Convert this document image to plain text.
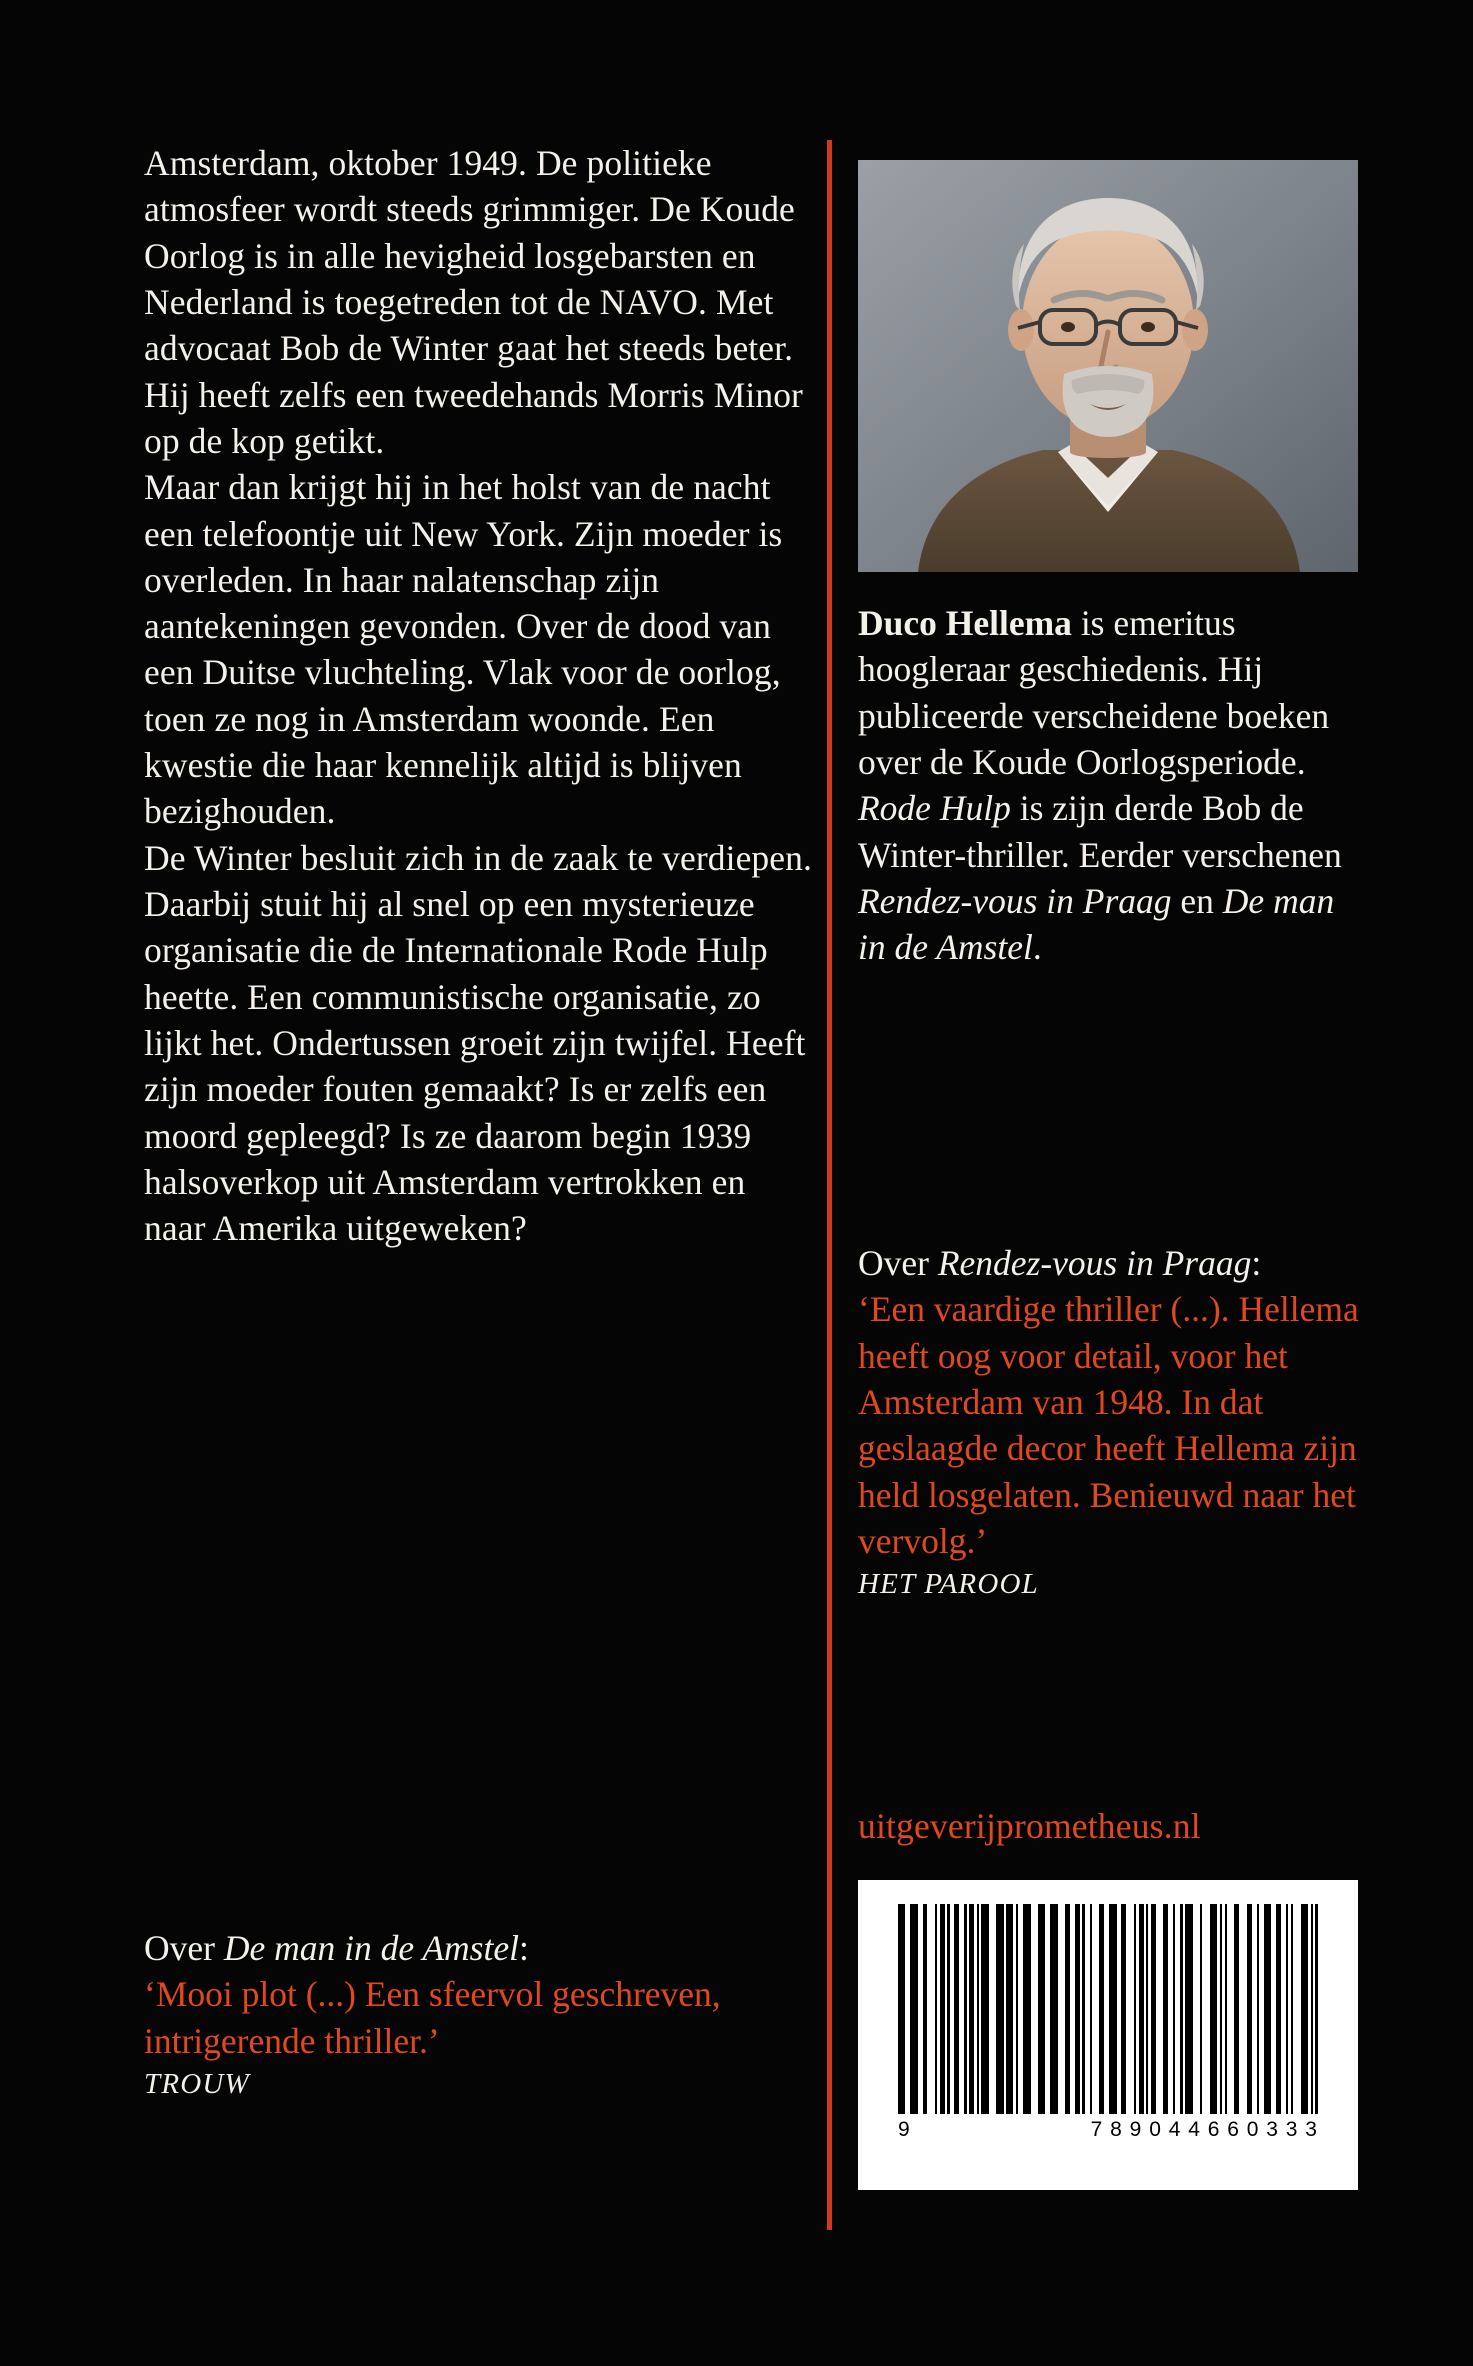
Amsterdam, oktober 1949. De politieke atmosfeer wordt steeds grimmiger. De Koude Oorlog is in alle hevigheid losgebarsten en Nederland is toegetreden tot de NAVO. Met advocaat Bob de Winter gaat het steeds beter. Hij heeft zelfs een tweedehands Morris Minor op de kop getikt.

Maar dan krijgt hij in het holst van de nacht een telefoontje uit New York. Zijn moeder is overleden. In haar nalatenschap zijn aantekeningen gevonden. Over de dood van een Duitse vluchteling. Vlak voor de oorlog, toen ze nog in Amsterdam woonde. Een kwestie die haar kennelijk altijd is blijven bezighouden.

De Winter besluit zich in de zaak te verdiepen. Daarbij stuit hij al snel op een mysterieuze organisatie die de Internationale Rode Hulp heette. Een communistische organisatie, zo lijkt het. Ondertussen groeit zijn twijfel. Heeft zijn moeder fouten gemaakt? Is er zelfs een moord gepleegd? Is ze daarom begin 1939 halsoverkop uit Amsterdam vertrokken en naar Amerika uitgeweken?

Over De man in de Amstel:

‘Mooi plot (...) Een sfeervol geschreven, intrigerende thriller.’

TROUW

Duco Hellema is emeritus hoogleraar geschiedenis. Hij publiceerde verscheidene boeken over de Koude Oorlogsperiode. Rode Hulp is zijn derde Bob de Winter-thriller. Eerder verschenen Rendez-vous in Praag en De man in de Amstel.

Over Rendez-vous in Praag:

‘Een vaardige thriller (...). Hellema heeft oog voor detail, voor het Amsterdam van 1948. In dat geslaagde decor heeft Hellema zijn held losgelaten. Benieuwd naar het vervolg.’

HET PAROOL

uitgeverijprometheus.nl
9	7 8 9 0 4 4 6 6 0 3 3 3
